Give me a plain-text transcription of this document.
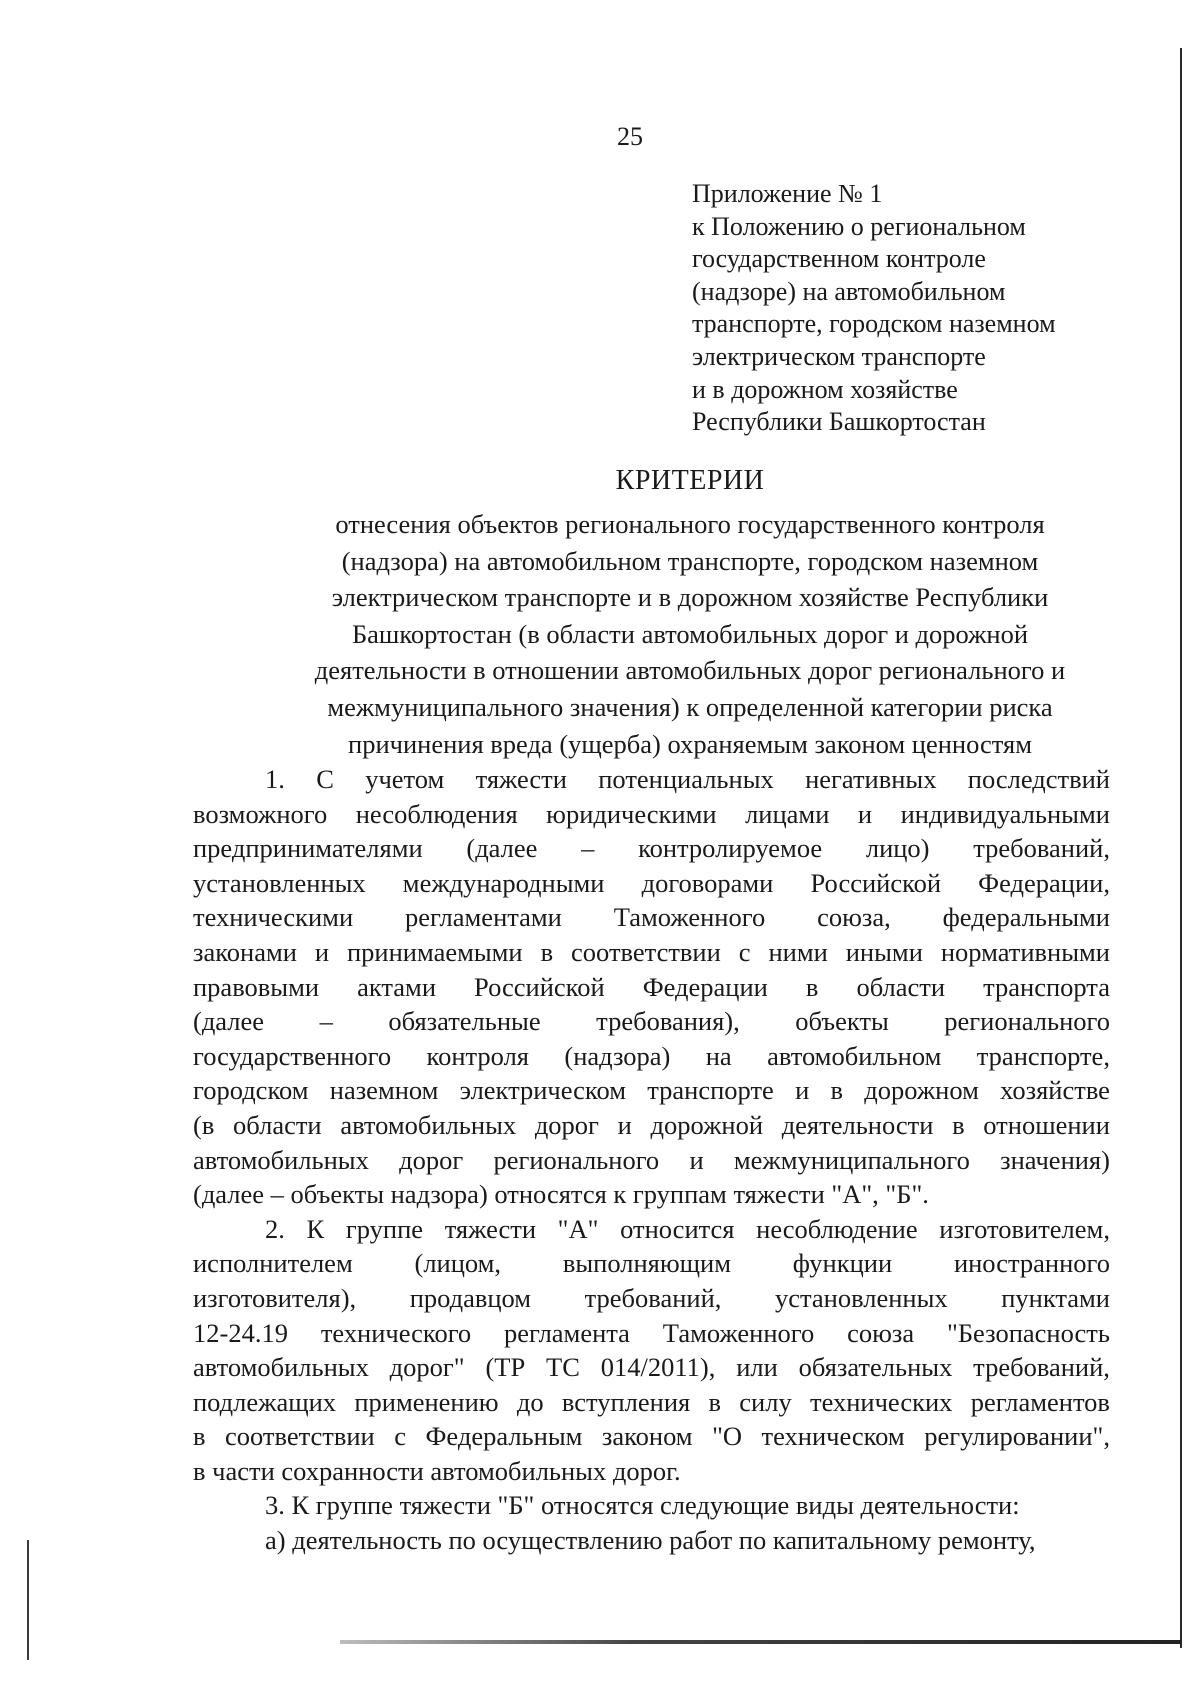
25
Приложение № 1
к Положению о региональном
государственном контроле
(надзоре) на автомобильном
транспорте, городском наземном
электрическом транспорте
и в дорожном хозяйстве
Республики Башкортостан
КРИТЕРИИ
отнесения объектов регионального государственного контроля
(надзора) на автомобильном транспорте, городском наземном
электрическом транспорте и в дорожном хозяйстве Республики
Башкортостан (в области автомобильных дорог и дорожной
деятельности в отношении автомобильных дорог регионального и
межмуниципального значения) к определенной категории риска
причинения вреда (ущерба) охраняемым законом ценностям
1. С учетом тяжести потенциальных негативных последствий
возможного несоблюдения юридическими лицами и индивидуальными
предпринимателями (далее – контролируемое лицо) требований,
установленных международными договорами Российской Федерации,
техническими регламентами Таможенного союза, федеральными
законами и принимаемыми в соответствии с ними иными нормативными
правовыми актами Российской Федерации в области транспорта
(далее – обязательные требования), объекты регионального
государственного контроля (надзора) на автомобильном транспорте,
городском наземном электрическом транспорте и в дорожном хозяйстве
(в области автомобильных дорог и дорожной деятельности в отношении
автомобильных дорог регионального и межмуниципального значения)
(далее – объекты надзора) относятся к группам тяжести "А", "Б".
2. К группе тяжести "А" относится несоблюдение изготовителем,
исполнителем (лицом, выполняющим функции иностранного
изготовителя), продавцом требований, установленных пунктами
12-24.19 технического регламента Таможенного союза "Безопасность
автомобильных дорог" (ТР ТС 014/2011), или обязательных требований,
подлежащих применению до вступления в силу технических регламентов
в соответствии с Федеральным законом "О техническом регулировании",
в части сохранности автомобильных дорог.
3. К группе тяжести "Б" относятся следующие виды деятельности:
а) деятельность по осуществлению работ по капитальному ремонту,
